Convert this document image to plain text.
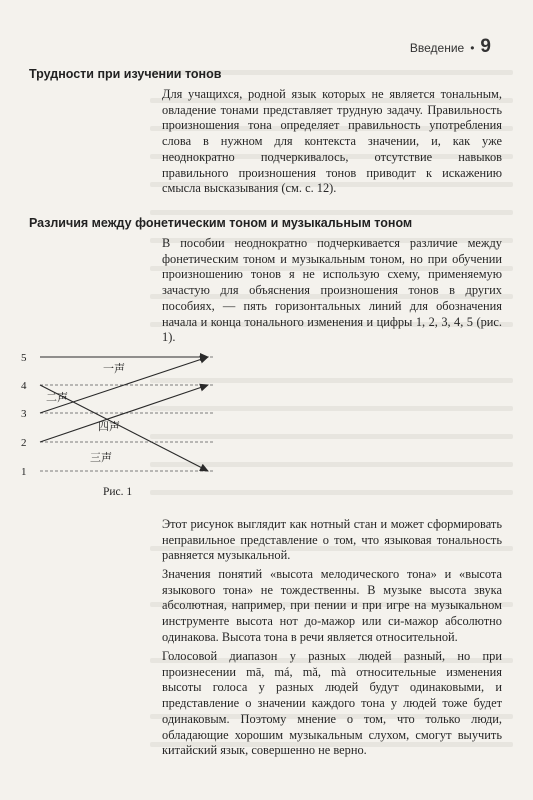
Введение • 9
Трудности при изучении тонов

Для учащихся, родной язык которых не является тональным, овладение тонами представляет трудную задачу. Правильность произношения тона определяет правильность употребления слова в нужном для контекста значении, и, как уже неоднократно подчеркивалось, отсутствие навыков правильного произношения тонов приводит к искажению смысла высказывания (см. с. 12).

Различия между фонетическим тоном и музыкальным тоном

В пособии неоднократно подчеркивается различие между фонетическим тоном и музыкальным тоном, но при обучении произношению тонов я не использую схему, применяемую зачастую для объяснения произношения тонов в других пособиях, — пять горизонтальных линий для обозначения начала и конца тонального изменения и цифры 1, 2, 3, 4, 5 (рис. 1).

5
4
3
2
1
一声
二声
三声
四声
Рис. 1

Этот рисунок выглядит как нотный стан и может сформировать неправильное представление о том, что языковая тональность равняется музыкальной.

Значения понятий «высота мелодического тона» и «высота языкового тона» не тождественны. В музыке высота звука абсолютная, например, при пении и при игре на музыкальном инструменте высота нот до-мажор или си-мажор абсолютно одинакова. Высота тона в речи является относительной.

Голосовой диапазон у разных людей разный, но при произнесении mā, má, mǎ, mà относительные изменения высоты голоса у разных людей будут одинаковыми, и представление о значении каждого тона у людей тоже будет одинаковым. Поэтому мнение о том, что только люди, обладающие хорошим музыкальным слухом, смогут выучить китайский язык, совершенно не верно.
